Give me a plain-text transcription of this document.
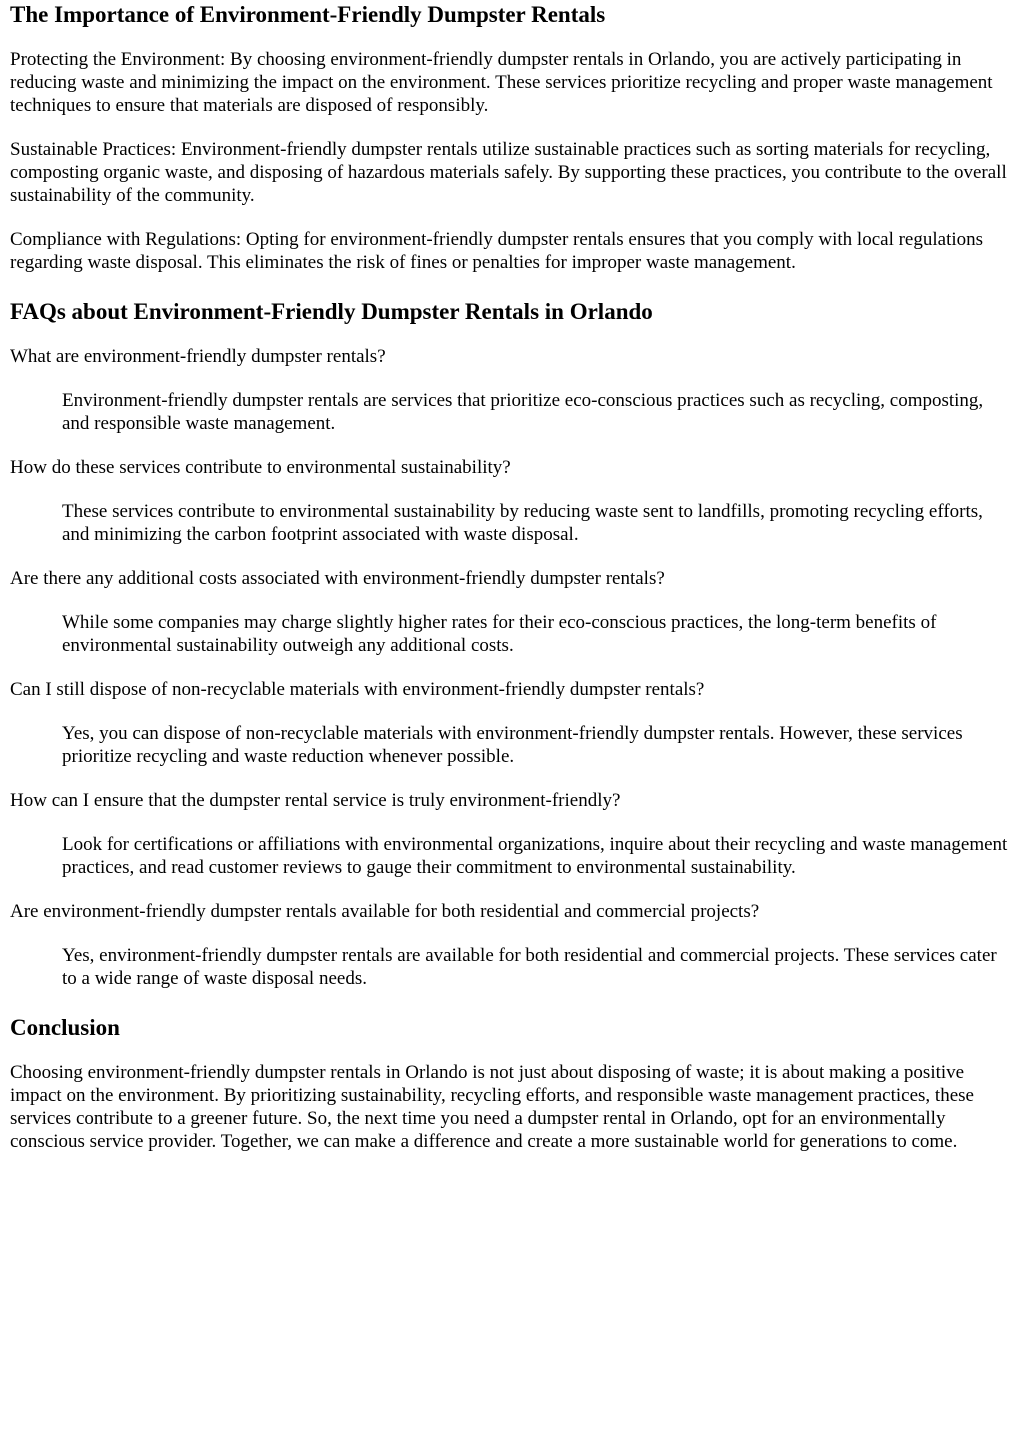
The Importance of Environment-Friendly Dumpster Rentals

Protecting the Environment: By choosing environment-friendly dumpster rentals in Orlando, you are actively participating in reducing waste and minimizing the impact on the environment. These services prioritize recycling and proper waste management techniques to ensure that materials are disposed of responsibly.

Sustainable Practices: Environment-friendly dumpster rentals utilize sustainable practices such as sorting materials for recycling, composting organic waste, and disposing of hazardous materials safely. By supporting these practices, you contribute to the overall sustainability of the community.

Compliance with Regulations: Opting for environment-friendly dumpster rentals ensures that you comply with local regulations regarding waste disposal. This eliminates the risk of fines or penalties for improper waste management.

FAQs about Environment-Friendly Dumpster Rentals in Orlando
What are environment-friendly dumpster rentals?
Environment-friendly dumpster rentals are services that prioritize eco-conscious practices such as recycling, composting, and responsible waste management.
How do these services contribute to environmental sustainability?
These services contribute to environmental sustainability by reducing waste sent to landfills, promoting recycling efforts, and minimizing the carbon footprint associated with waste disposal.
Are there any additional costs associated with environment-friendly dumpster rentals?
While some companies may charge slightly higher rates for their eco-conscious practices, the long-term benefits of environmental sustainability outweigh any additional costs.
Can I still dispose of non-recyclable materials with environment-friendly dumpster rentals?
Yes, you can dispose of non-recyclable materials with environment-friendly dumpster rentals. However, these services prioritize recycling and waste reduction whenever possible.
How can I ensure that the dumpster rental service is truly environment-friendly?
Look for certifications or affiliations with environmental organizations, inquire about their recycling and waste management practices, and read customer reviews to gauge their commitment to environmental sustainability.
Are environment-friendly dumpster rentals available for both residential and commercial projects?
Yes, environment-friendly dumpster rentals are available for both residential and commercial projects. These services cater to a wide range of waste disposal needs.
Conclusion

Choosing environment-friendly dumpster rentals in Orlando is not just about disposing of waste; it is about making a positive impact on the environment. By prioritizing sustainability, recycling efforts, and responsible waste management practices, these services contribute to a greener future. So, the next time you need a dumpster rental in Orlando, opt for an environmentally conscious service provider. Together, we can make a difference and create a more sustainable world for generations to come.
